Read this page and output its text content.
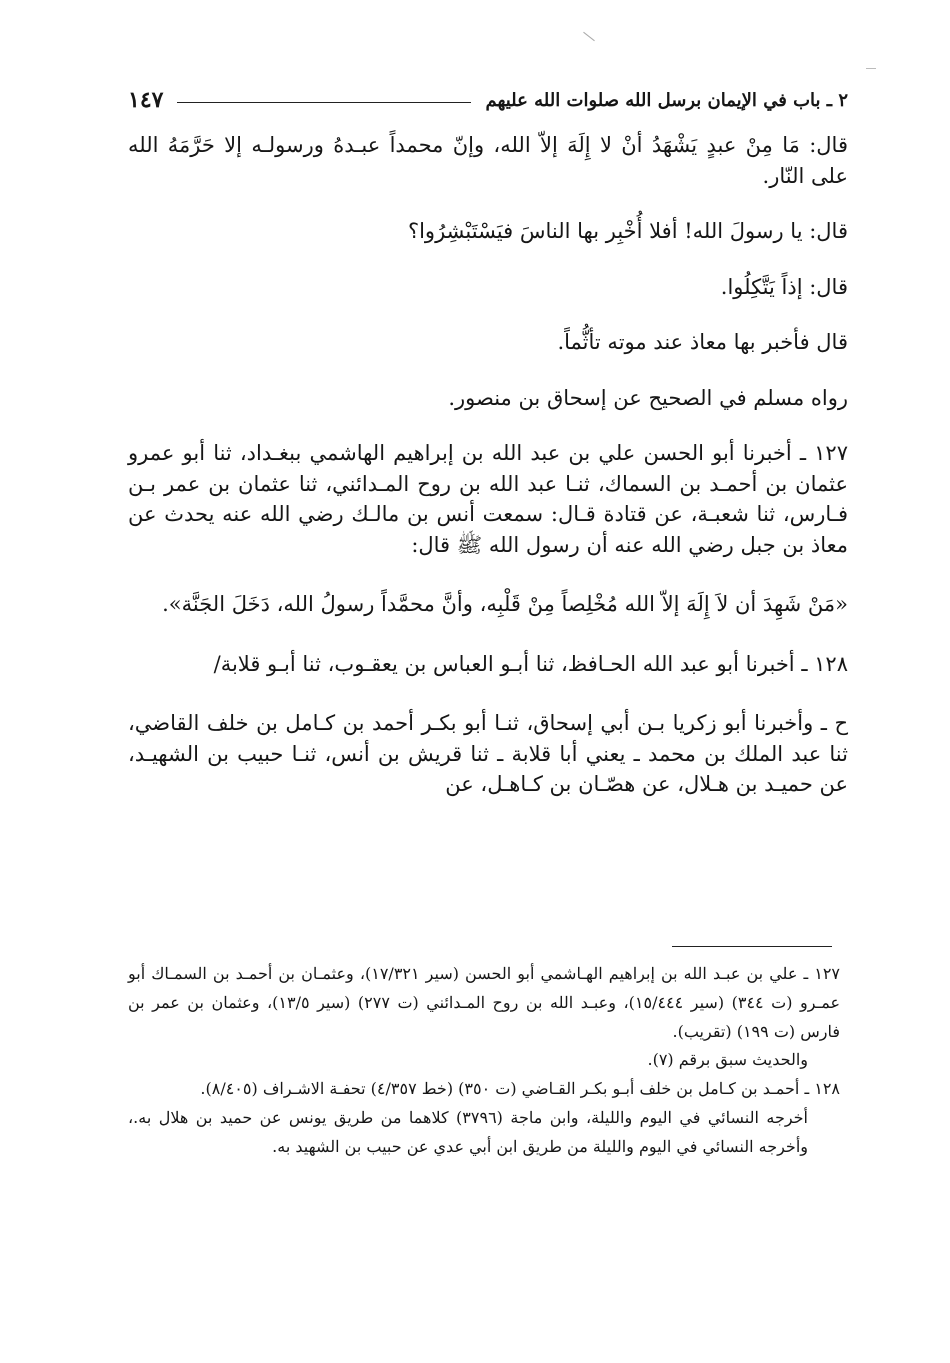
١٤٧	٢ ـ باب في الإيمان برسل الله صلوات الله عليهم

قال: مَا مِنْ عبدٍ يَشْهَدُ أنْ لا إِلَهَ إلاّ الله، وإنّ محمداً عبـدهُ ورسولـه إلا حَرَّمَهُ الله على النّار.

قال: يا رسولَ الله! أفلا أُخْبِر بها الناسَ فيَسْتَبْشِرُوا؟

قال: إذاً يَتَّكِلُوا.

قال فأخبر بها معاذ عند موته تأثُّماً.

رواه مسلم في الصحيح عن إسحاق بن منصور.

١٢٧ ـ أخبرنا أبو الحسن علي بن عبد الله بن إبراهيم الهاشمي ببغـداد، ثنا أبو عمرو عثمان بن أحمـد بن السماك، ثنـا عبد الله بن روح المـدائني، ثنا عثمان بن عمر بـن فـارس، ثنا شعبـة، عن قتادة قـال: سمعت أنس بن مالـك رضي الله عنه يحدث عن معاذ بن جبل رضي الله عنه أن رسول الله ﷺ قال:

«مَنْ شَهِدَ أن لاَ إِلَهَ إلاّ الله مُخْلِصاً مِنْ قَلْبِه، وأنَّ محمَّداً رسولُ الله، دَخَلَ الجَنَّة».

١٢٨ ـ أخبرنا أبو عبد الله الحـافظ، ثنا أبـو العباس بن يعقـوب، ثنا أبـو قلابة/

ح ـ وأخبرنا أبو زكريا بـن أبي إسحاق، ثنـا أبو بكـر أحمد بن كـامل بن خلف القاضي، ثنا عبد الملك بن محمد ـ يعني أبا قلابة ـ ثنا قريش بن أنس، ثنـا حبيب بن الشهيـد، عن حميـد بن هـلال، عن هصّـان بن كـاهـل، عن

١٢٧ ـ علي بن عبـد الله بن إبراهيم الهـاشمي أبو الحسن (سير ١٧/٣٢١)، وعثمـان بن أحمـد بن السمـاك أبو عمـرو (ت ٣٤٤) (سير ١٥/٤٤٤)، وعبـد الله بن روح المـدائني (ت ٢٧٧) (سير ١٣/٥)، وعثمان بن عمر بن فارس (ت ١٩٩) (تقريب).

والحديث سبق برقم (٧).

١٢٨ ـ أحمـد بن كـامل بن خلف أبـو بكـر القـاضي (ت ٣٥٠) (خط ٤/٣٥٧) تحفـة الاشـراف (٨/٤٠٥).

أخرجه النسائي في اليوم والليلة، وابن ماجة (٣٧٩٦) كلاهما من طريق يونس عن حميد بن هلال به.، وأخرجه النسائي في اليوم والليلة من طريق ابن أبي عدي عن حبيب بن الشهيد به.
